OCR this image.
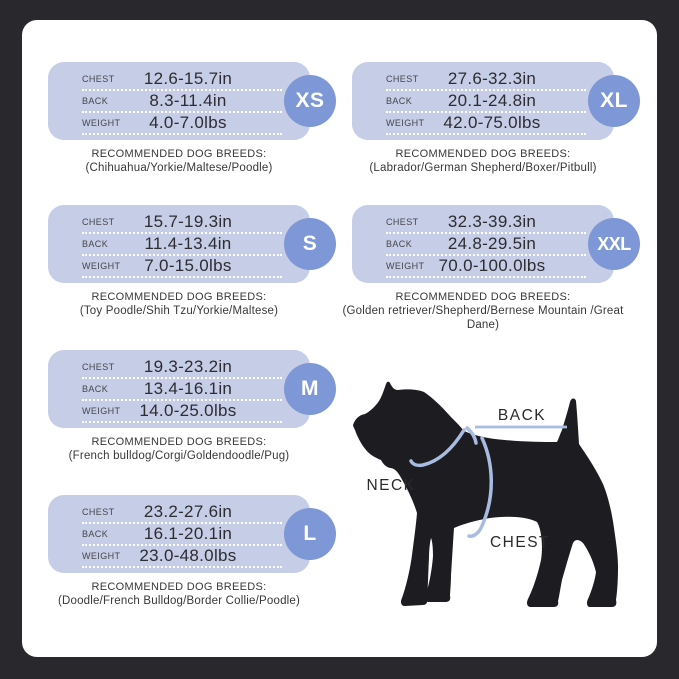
CHEST	12.6-15.7in
BACK	8.3-11.4in
WEIGHT	4.0-7.0lbs
XS
RECOMMENDED DOG BREEDS:
(Chihuahua/Yorkie/Maltese/Poodle)
CHEST	15.7-19.3in
BACK	11.4-13.4in
WEIGHT	7.0-15.0lbs
S
RECOMMENDED DOG BREEDS:
(Toy Poodle/Shih Tzu/Yorkie/Maltese)
CHEST	19.3-23.2in
BACK	13.4-16.1in
WEIGHT	14.0-25.0lbs
M
RECOMMENDED DOG BREEDS:
(French bulldog/Corgi/Goldendoodle/Pug)
CHEST	23.2-27.6in
BACK	16.1-20.1in
WEIGHT	23.0-48.0lbs
L
RECOMMENDED DOG BREEDS:
(Doodle/French Bulldog/Border Collie/Poodle)
CHEST	27.6-32.3in
BACK	20.1-24.8in
WEIGHT	42.0-75.0lbs
XL
RECOMMENDED DOG BREEDS:
(Labrador/German Shepherd/Boxer/Pitbull)
CHEST	32.3-39.3in
BACK	24.8-29.5in
WEIGHT 70.0-100.0lbs
XXL
RECOMMENDED DOG BREEDS:
(Golden retriever/Shepherd/Bernese Mountain /Great Dane)
BACK
NECK
CHEST
